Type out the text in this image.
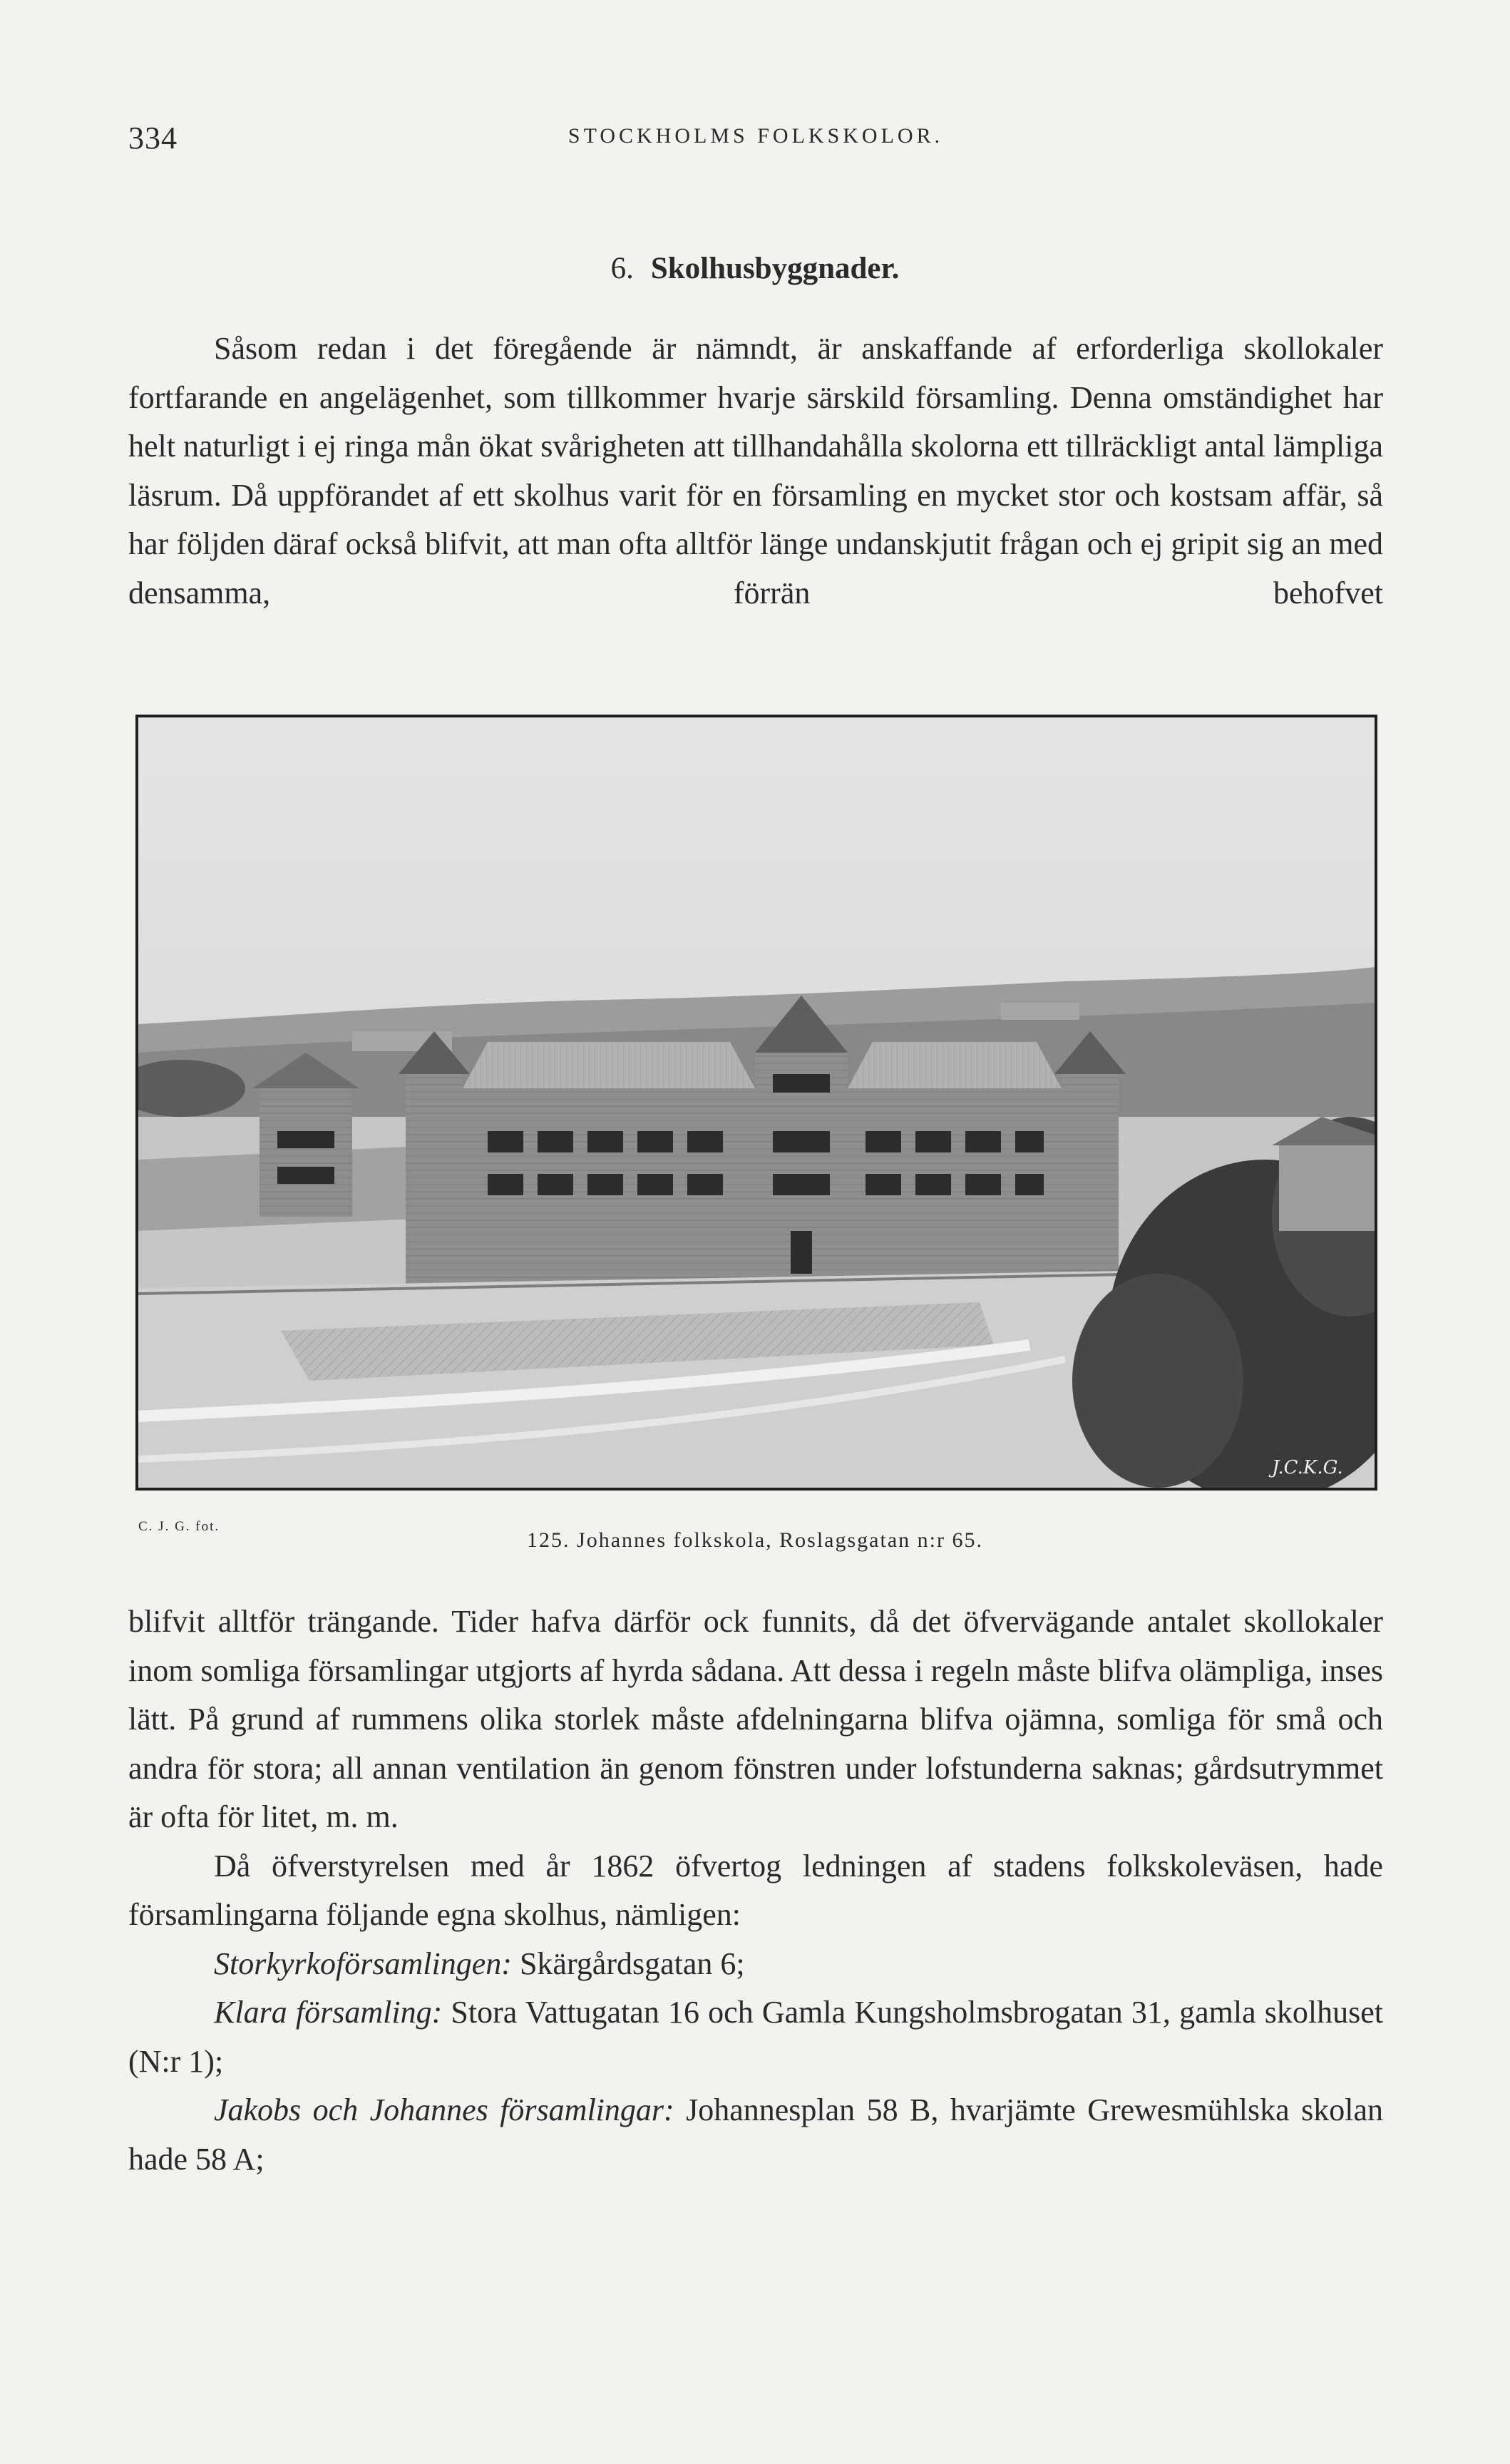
334	STOCKHOLMS FOLKSKOLOR.
6. Skolhusbyggnader.

Såsom redan i det föregående är nämndt, är anskaffande af erforderliga skollokaler fortfarande en angelägenhet, som tillkommer hvarje särskild församling. Denna omständighet har helt naturligt i ej ringa mån ökat svårigheten att tillhandahålla skolorna ett tillräckligt antal lämpliga läsrum. Då uppförandet af ett skolhus varit för en församling en mycket stor och kostsam affär, så har följden däraf också blifvit, att man ofta alltför länge undanskjutit frågan och ej gripit sig an med densamma, förrän behofvet

J.C.K.G.
C. J. G. fot.
125. Johannes folkskola, Roslagsgatan n:r 65.

blifvit alltför trängande. Tider hafva därför ock funnits, då det öfvervägande antalet skollokaler inom somliga församlingar utgjorts af hyrda sådana. Att dessa i regeln måste blifva olämpliga, inses lätt. På grund af rummens olika storlek måste afdelningarna blifva ojämna, somliga för små och andra för stora; all annan ventilation än genom fönstren under lofstunderna saknas; gårdsutrymmet är ofta för litet, m. m.

Då öfverstyrelsen med år 1862 öfvertog ledningen af stadens folkskoleväsen, hade församlingarna följande egna skolhus, nämligen:

Storkyrkoförsamlingen: Skärgårdsgatan 6;

Klara församling: Stora Vattugatan 16 och Gamla Kungsholmsbrogatan 31, gamla skolhuset (N:r 1);

Jakobs och Johannes församlingar: Johannesplan 58 B, hvarjämte Grewesmühlska skolan hade 58 A;
